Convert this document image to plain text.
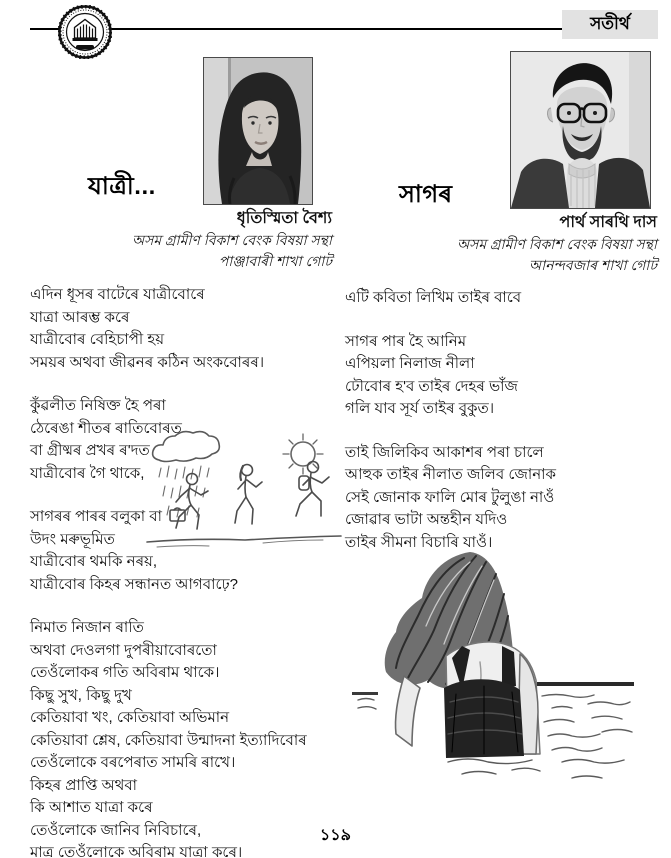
সতীৰ্থ
যাত্ৰী...	সাগৰ
ধৃতিস্মিতা বৈশ্য
অসম গ্ৰামীণ বিকাশ বেংক বিষয়া সন্থা
পাঞ্জাবাৰী শাখা গোট
পাৰ্থ সাৰথি দাস
অসম গ্ৰামীণ বিকাশ বেংক বিষয়া সন্থা
আনন্দবজাৰ শাখা গোট
এদিন ধূসৰ বাটেৰে যাত্ৰীবোৰে
যাত্ৰা আৰম্ভ কৰে
যাত্ৰীবোৰ বেহিচাপী হয়
সময়ৰ অথবা জীৱনৰ কঠিন অংকবোৰৰ।
কুঁৱলীত নিষিক্ত হৈ পৰা
ঠেৰেঙা শীতৰ ৰাতিবোৰত
বা গ্ৰীষ্মৰ প্ৰখৰ ৰ'দত
যাত্ৰীবোৰ গৈ থাকে,
সাগৰৰ পাৰৰ বলুকা বা
উদং মৰুভূমিত
যাত্ৰীবোৰ থমকি নৰয়,
যাত্ৰীবোৰ কিহৰ সন্ধানত আগবাঢ়ে?
নিমাত নিজান ৰাতি
অথবা দেওলগা দুপৰীয়াবোৰতো
তেওঁলোকৰ গতি অবিৰাম থাকে।
কিছু সুখ, কিছু দুখ
কেতিয়াবা খং, কেতিয়াবা অভিমান
কেতিয়াবা শ্লেষ, কেতিয়াবা উন্মাদনা ইত্যাদিবোৰ
তেওঁলোকে বৰপেৰাত সামৰি ৰাখে।
কিহৰ প্ৰাপ্তি অথবা
কি আশাত যাত্ৰা কৰে
তেওঁলোকে জানিব নিবিচাৰে,
মাত্ৰ তেওঁলোকে অবিৰাম যাত্ৰা কৰে।
এটি কবিতা লিখিম তাইৰ বাবে
সাগৰ পাৰ হৈ আনিম
এপিয়লা নিলাজ নীলা
ঢৌবোৰ হ'ব তাইৰ দেহৰ ভাঁজ
গলি যাব সূৰ্য তাইৰ বুকুত।
তাই জিলিকিব আকাশৰ পৰা চালে
আহুক তাইৰ নীলাত জলিব জোনাক
সেই জোনাক ফালি মোৰ টুলুঙা নাওঁ
জোৱাৰ ভাটা অন্তহীন যদিও
তাইৰ সীমনা বিচাৰি যাওঁ।
১১৯
